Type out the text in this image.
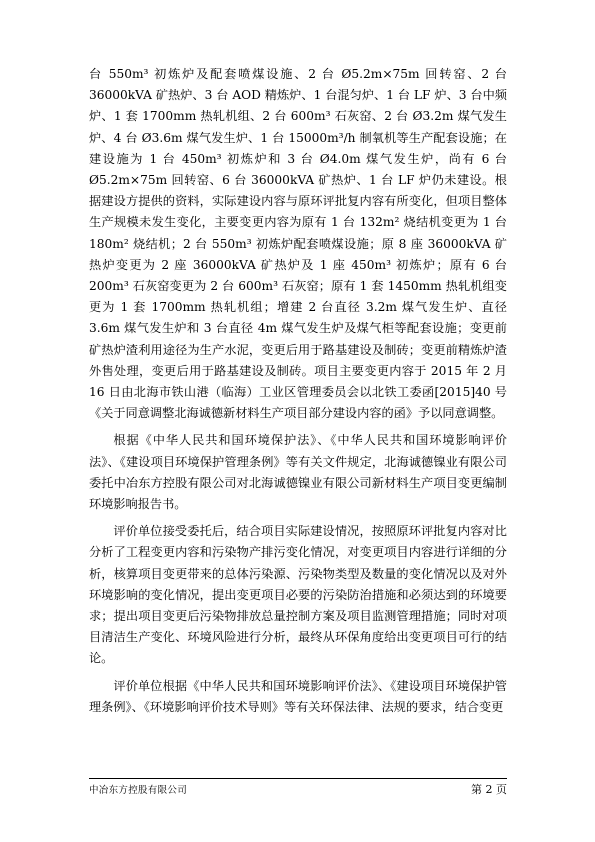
台 550m³ 初炼炉及配套喷煤设施、2 台 Ø5.2m×75m 回转窑、2 台 36000kVA 矿热炉、3 台 AOD 精炼炉、1 台混匀炉、1 台 LF 炉、3 台中频炉、1 套 1700mm 热轧机组、2 台 600m³ 石灰窑、2 台 Ø3.2m 煤气发生炉、4 台 Ø3.6m 煤气发生炉、1 台 15000m³/h 制氧机等生产配套设施；在建设施为 1 台 450m³ 初炼炉和 3 台 Ø4.0m 煤气发生炉，尚有 6 台 Ø5.2m×75m 回转窑、6 台 36000kVA 矿热炉、1 台 LF 炉仍未建设。根据建设方提供的资料，实际建设内容与原环评批复内容有所变化，但项目整体生产规模未发生变化，主要变更内容为原有 1 台 132m² 烧结机变更为 1 台 180m² 烧结机；2 台 550m³ 初炼炉配套喷煤设施；原 8 座 36000kVA 矿热炉变更为 2 座 36000kVA 矿热炉及 1 座 450m³ 初炼炉；原有 6 台 200m³ 石灰窑变更为 2 台 600m³ 石灰窑；原有 1 套 1450mm 热轧机组变更为 1 套 1700mm 热轧机组；增建 2 台直径 3.2m 煤气发生炉、直径 3.6m 煤气发生炉和 3 台直径 4m 煤气发生炉及煤气柜等配套设施；变更前矿热炉渣利用途径为生产水泥，变更后用于路基建设及制砖；变更前精炼炉渣外售处理，变更后用于路基建设及制砖。项目主要变更内容于 2015 年 2 月 16 日由北海市铁山港（临海）工业区管理委员会以北铁工委函[2015]40 号《关于同意调整北海诚德新材料生产项目部分建设内容的函》予以同意调整。

根据《中华人民共和国环境保护法》、《中华人民共和国环境影响评价法》、《建设项目环境保护管理条例》等有关文件规定，北海诚德镍业有限公司委托中冶东方控股有限公司对北海诚德镍业有限公司新材料生产项目变更编制环境影响报告书。

评价单位接受委托后，结合项目实际建设情况，按照原环评批复内容对比分析了工程变更内容和污染物产排污变化情况，对变更项目内容进行详细的分析，核算项目变更带来的总体污染源、污染物类型及数量的变化情况以及对外环境影响的变化情况，提出变更项目必要的污染防治措施和必须达到的环境要求；提出项目变更后污染物排放总量控制方案及项目监测管理措施；同时对项目清洁生产变化、环境风险进行分析，最终从环保角度给出变更项目可行的结论。

评价单位根据《中华人民共和国环境影响评价法》、《建设项目环境保护管理条例》、《环境影响评价技术导则》等有关环保法律、法规的要求，结合变更

中冶东方控股有限公司	第 2 页
